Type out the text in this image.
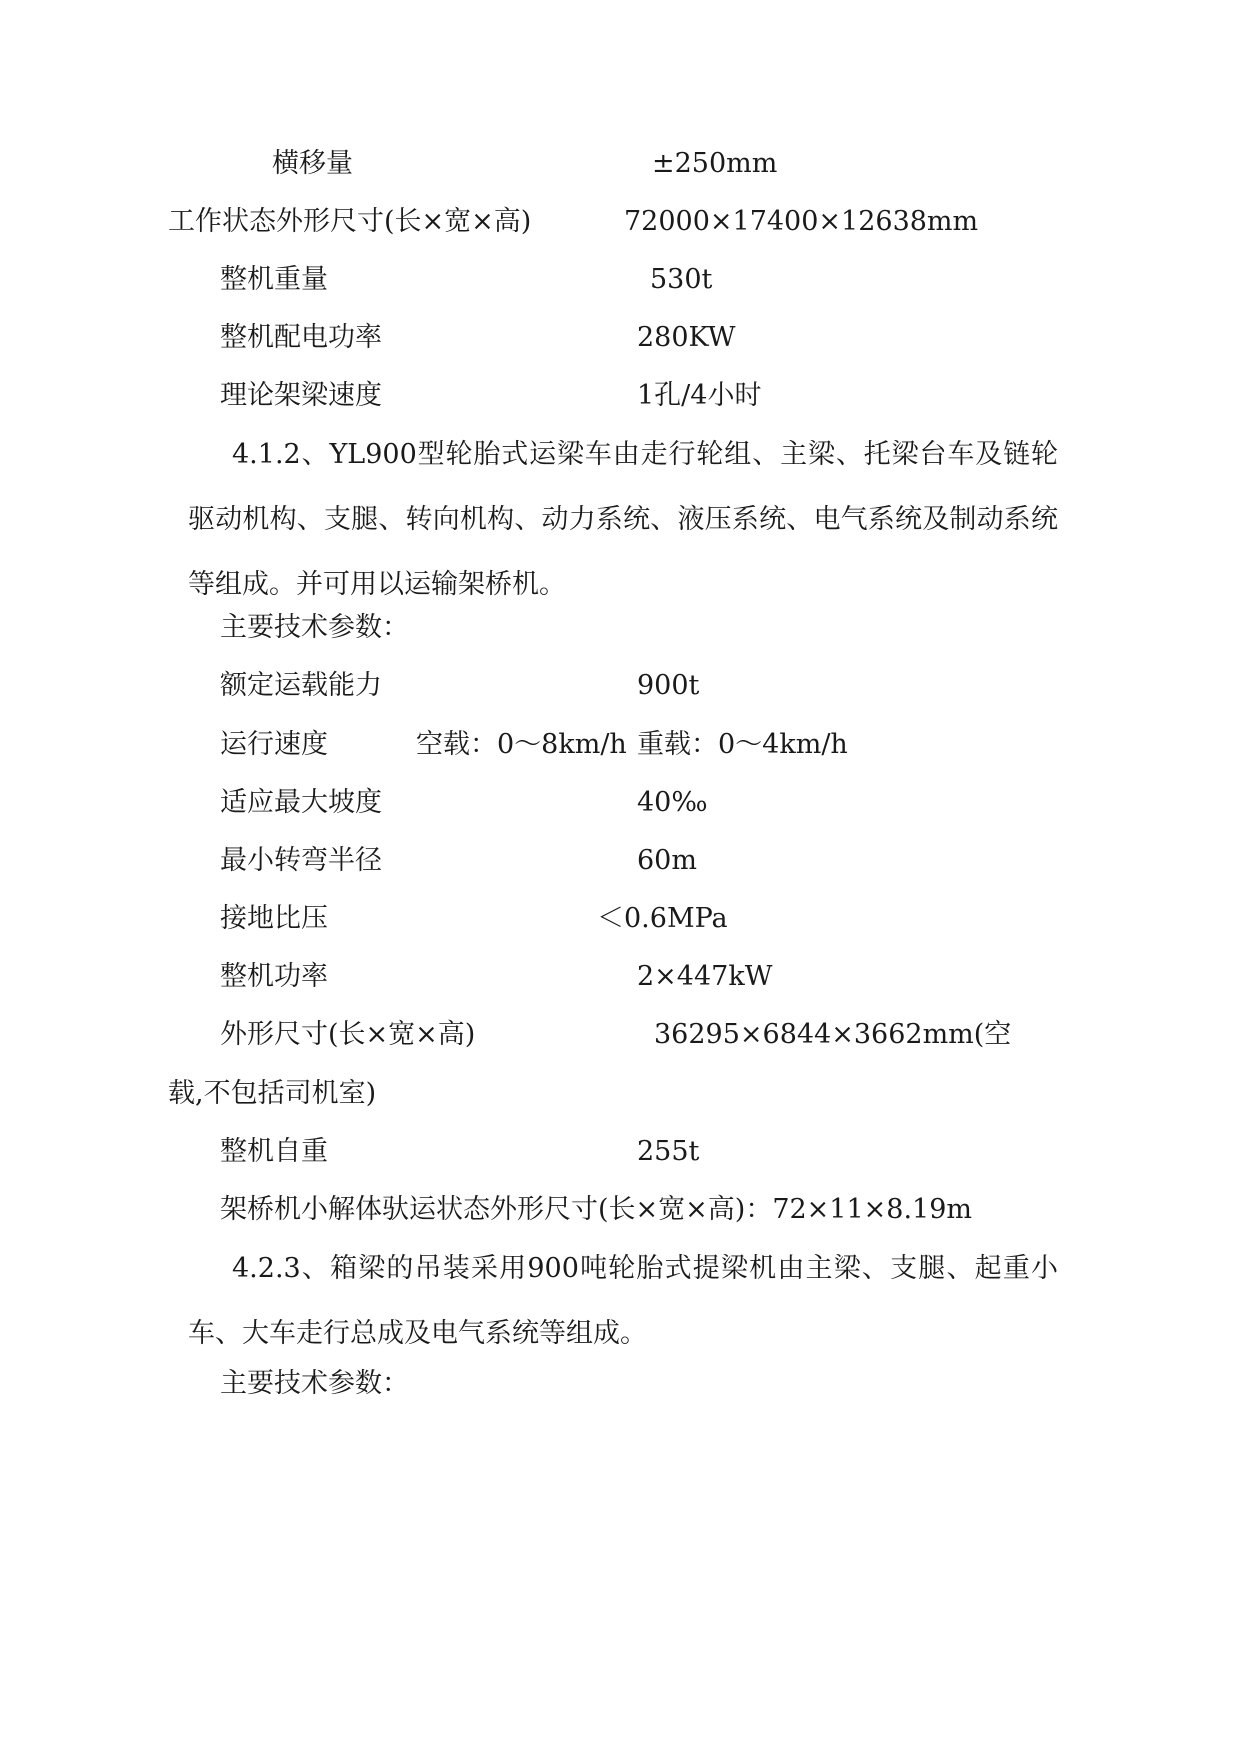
横移量	±250mm
工作状态外形尺寸(长×宽×高)	72000×17400×12638mm
整机重量	530t
整机配电功率	280KW
理论架梁速度	1孔/4小时

4.1.2、YL900型轮胎式运梁车由走行轮组、主梁、托梁台车及链轮驱动机构、支腿、转向机构、动力系统、液压系统、电气系统及制动系统等组成。并可用以运输架桥机。

主要技术参数：
额定运载能力	900t
运行速度	空载：0～8km/h 重载：0～4km/h
适应最大坡度	40‰
最小转弯半径	60m
接地比压	＜0.6MPa
整机功率	2×447kW
外形尺寸(长×宽×高)	36295×6844×3662mm(空
载,不包括司机室)
整机自重	255t
架桥机小解体驮运状态外形尺寸(长×宽×高)：72×11×8.19m

4.2.3、箱梁的吊装采用900吨轮胎式提梁机由主梁、支腿、起重小车、大车走行总成及电气系统等组成。

主要技术参数：
